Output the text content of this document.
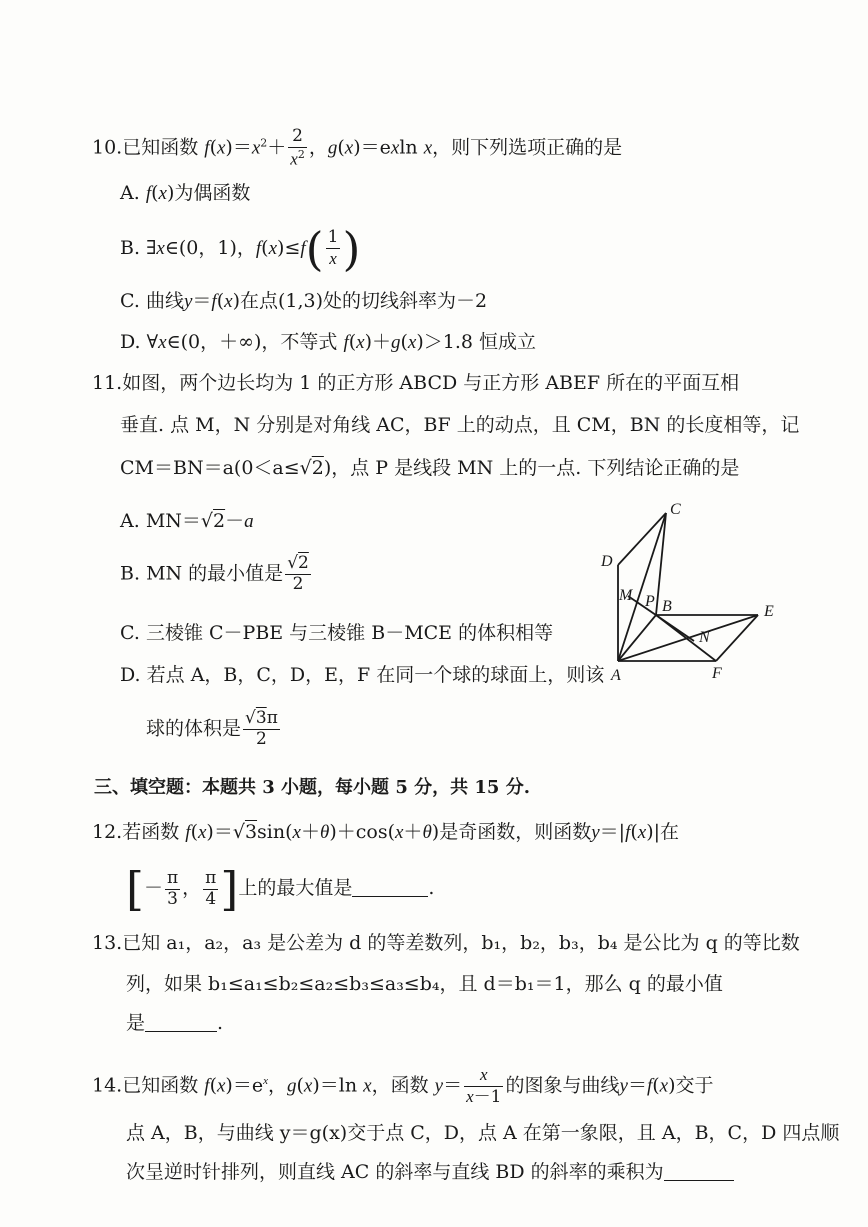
10.已知函数 $f(x)=x^2+ \frac{2}{x^2}$ ，g(x)＝exln x，则下列选项正确的是
A. f(x)为偶函数
B. ∃x∈(0，1)，$f(x)\le f( \frac{1}{x}$ )
C. 曲线y＝f(x)在点(1,3)处的切线斜率为－2
D. ∀x∈(0，＋∞)，不等式 f(x)＋g(x)＞1.8 恒成立
11.如图，两个边长均为 1 的正方形 ABCD 与正方形 ABEF 所在的平面互相
垂直. 点 M，N 分别是对角线 AC，BF 上的动点，且 CM，BN 的长度相等，记
CM＝BN＝a(0＜a≤√2)，点 P 是线段 MN 上的一点. 下列结论正确的是
A. MN＝√2－a
B. MN 的最小值是 $\frac{√2}{2}$
C. 三棱锥 C－PBE 与三棱锥 B－MCE 的体积相等
D. 若点 A，B，C，D，E，F 在同一个球的球面上，则该
球的体积是 $\frac{√3\pi}{2}$
C
D
M P B	E
N
A	F
三、填空题：本题共 3 小题，每小题 5 分，共 15 分.
12.若函数 f(x)＝√3sin(x＋θ)＋cos(x＋θ)是奇函数，则函数y＝|f(x)|在
[－ $\frac{\pi}{3}$ ， $\frac{\pi}{4}$ ]上的最大值是	.
13.已知 a₁，a₂，a₃ 是公差为 d 的等差数列，b₁，b₂，b₃，b₄ 是公比为 q 的等比数
列，如果 b₁≤a₁≤b₂≤a₂≤b₃≤a₃≤b₄，且 d＝b₁＝1，那么 q 的最小值
是	.
14.已知函数 $f(x)=e^x$，g(x)＝ln x，函数 $y= \frac{x}{x-1}$ 的图象与曲线y＝f(x)交于
点 A，B，与曲线 y＝g(x)交于点 C，D，点 A 在第一象限，且 A，B，C，D 四点顺
次呈逆时针排列，则直线 AC 的斜率与直线 BD 的斜率的乘积为
